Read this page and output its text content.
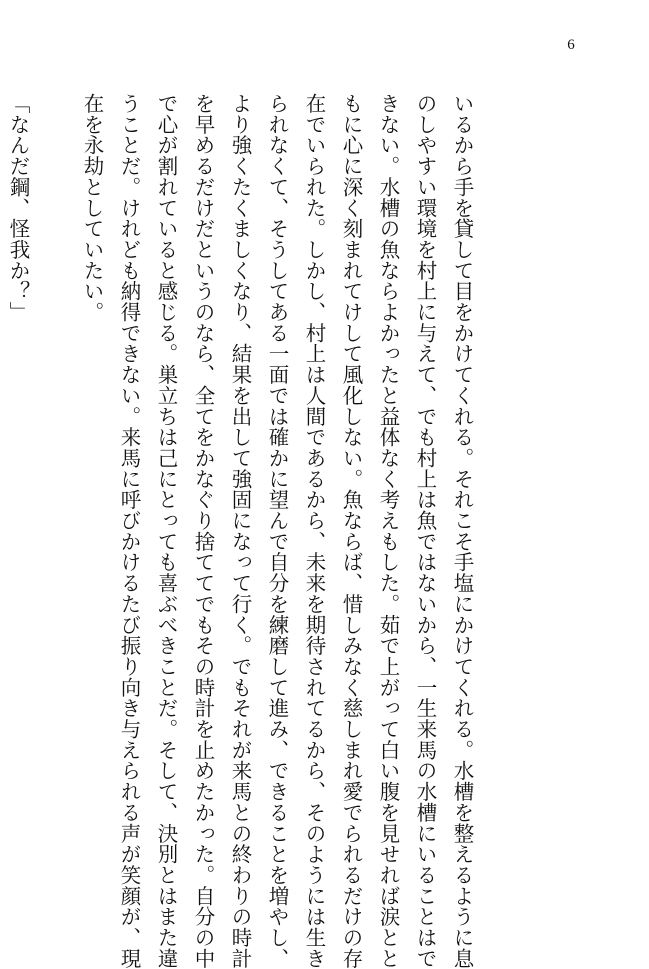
6

いるから手を貸して目をかけてくれる。それこそ手塩にかけてくれる。水槽を整えるように息

のしやすい環境を村上に与えて、でも村上は魚ではないから、一生来馬の水槽にいることはで

きない。水槽の魚ならよかったと益体なく考えもした。茹で上がって白い腹を見せれば涙とと

もに心に深く刻まれてけして風化しない。魚ならば、惜しみなく慈しまれ愛でられるだけの存

在でいられた。しかし、村上は人間であるから、未来を期待されてるから、そのようには生き

られなくて、そうしてある一面では確かに望んで自分を練磨して進み、できることを増やし、

より強くたくましくなり、結果を出して強固になって行く。でもそれが来馬との終わりの時計

を早めるだけだというのなら、全てをかなぐり捨ててでもその時計を止めたかった。自分の中

で心が割れていると感じる。巣立ちは己にとっても喜ぶべきことだ。そして、決別とはまた違

うことだ。けれども納得できない。来馬に呼びかけるたび振り向き与えられる声が笑顔が、現

在を永劫としていたい。

「なんだ鋼、怪我か？」
